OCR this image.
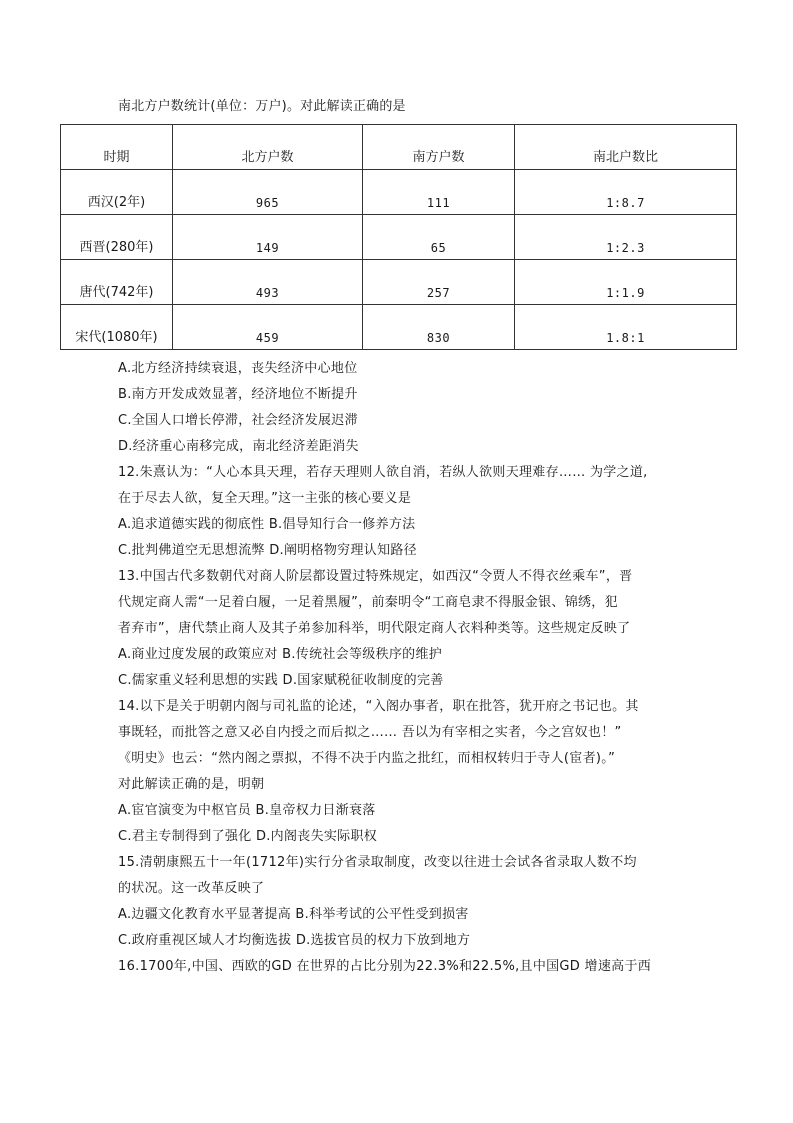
南北方户数统计(单位：万户)。对此解读正确的是
时期	北方户数	南方户数	南北户数比
西汉(2年)	965	111	1:8.7
西晋(280年)	149	65	1:2.3
唐代(742年)	493	257	1:1.9
宋代(1080年)	459	830	1.8:1
A.北方经济持续衰退，丧失经济中心地位
B.南方开发成效显著，经济地位不断提升
C.全国人口增长停滞，社会经济发展迟滞
D.经济重心南移完成，南北经济差距消失
12.朱熹认为：“人心本具天理，若存天理则人欲自消，若纵人欲则天理难存…… 为学之道,
在于尽去人欲，复全天理。”这一主张的核心要义是
A.追求道德实践的彻底性 B.倡导知行合一修养方法
C.批判佛道空无思想流弊 D.阐明格物穷理认知路径
13.中国古代多数朝代对商人阶层都设置过特殊规定，如西汉“令贾人不得衣丝乘车”，晋
代规定商人需“一足着白履，一足着黑履”，前秦明令“工商皂隶不得服金银、锦绣，犯
者弃市”，唐代禁止商人及其子弟参加科举，明代限定商人衣料种类等。这些规定反映了
A.商业过度发展的政策应对 B.传统社会等级秩序的维护
C.儒家重义轻利思想的实践 D.国家赋税征收制度的完善
14.以下是关于明朝内阁与司礼监的论述，“入阁办事者，职在批答，犹开府之书记也。其
事既轻，而批答之意又必自内授之而后拟之…… 吾以为有宰相之实者，今之宫奴也！”
《明史》也云：“然内阁之票拟，不得不决于内监之批红，而相权转归于寺人(宦者)。”
对此解读正确的是，明朝
A.宦官演变为中枢官员 B.皇帝权力日渐衰落
C.君主专制得到了强化 D.内阁丧失实际职权
15.清朝康熙五十一年(1712年)实行分省录取制度，改变以往进士会试各省录取人数不均
的状况。这一改革反映了
A.边疆文化教育水平显著提高 B.科举考试的公平性受到损害
C.政府重视区域人才均衡选拔 D.选拔官员的权力下放到地方
16.1700年,中国、西欧的GD 在世界的占比分别为22.3%和22.5%,且中国GD 增速高于西
